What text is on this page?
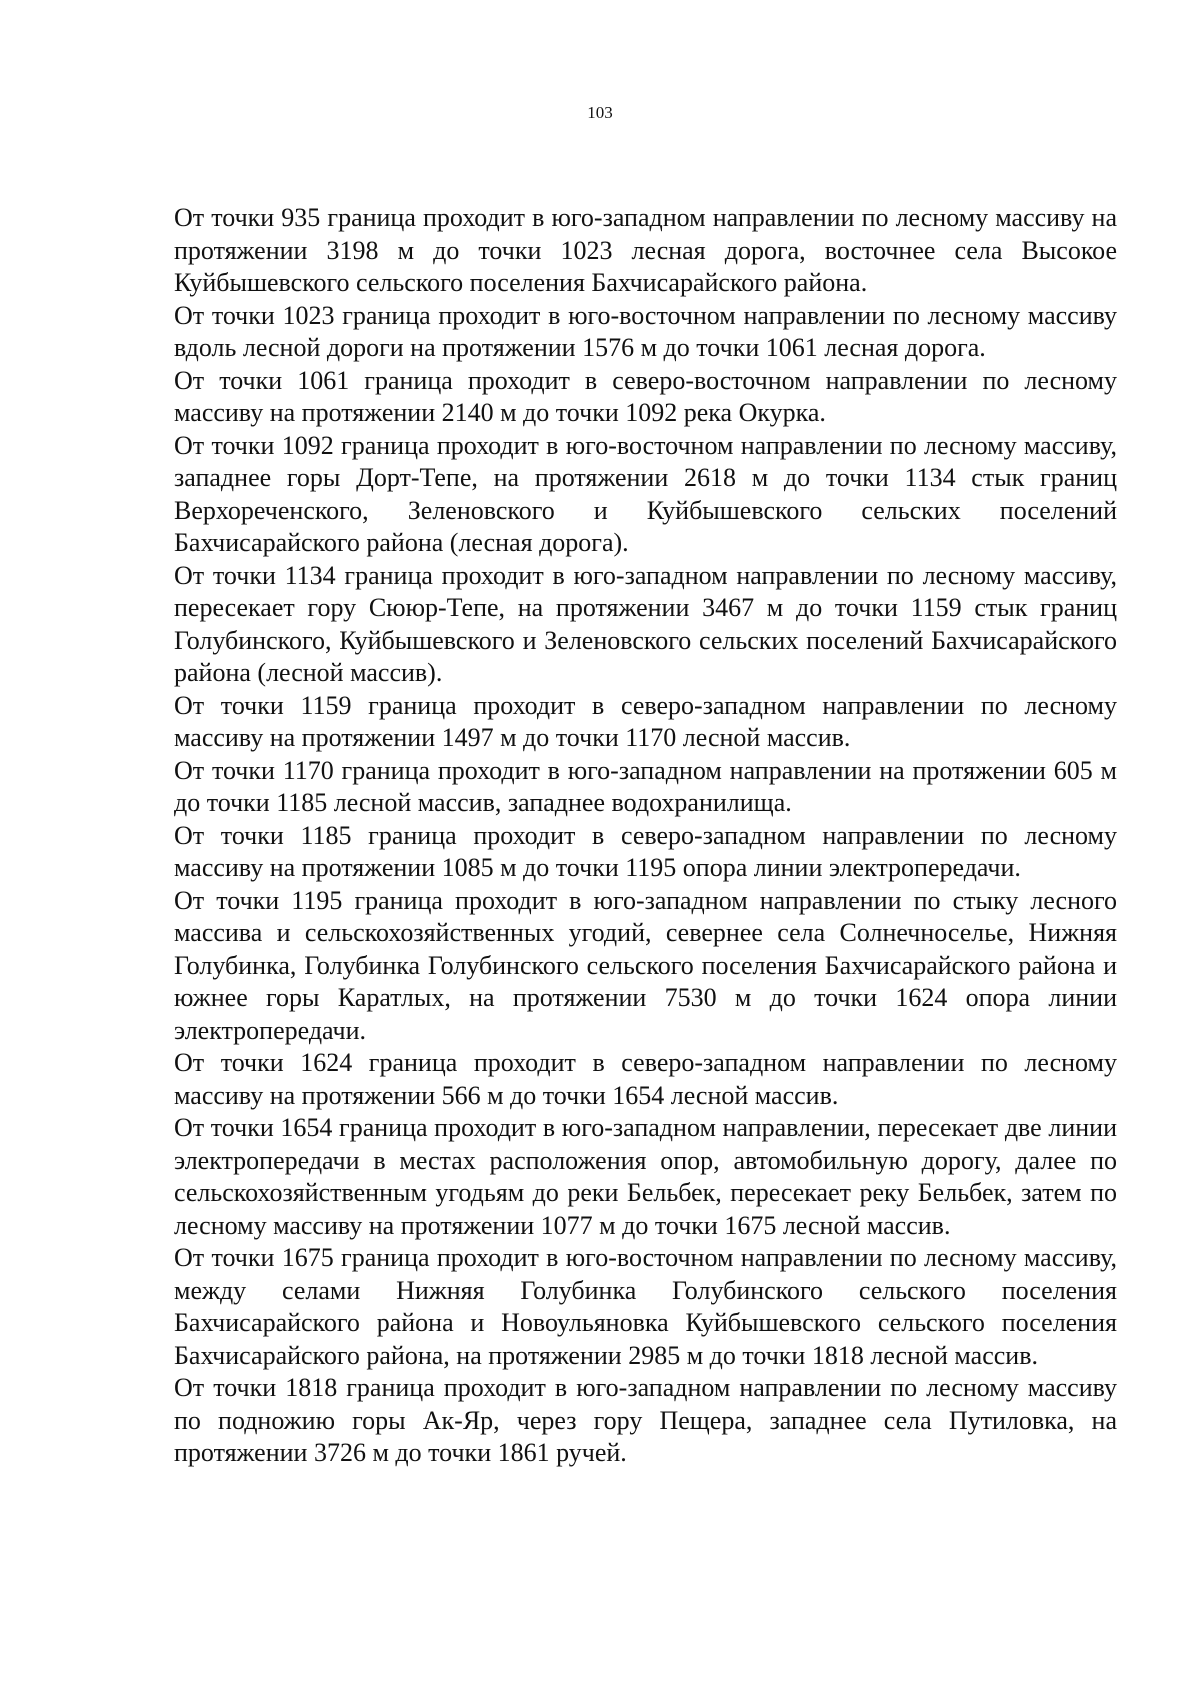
103

От точки 935 граница проходит в юго-западном направлении по лесному массиву на протяжении 3198 м до точки 1023 лесная дорога, восточнее села Высокое Куйбышевского сельского поселения Бахчисарайского района.

От точки 1023 граница проходит в юго-восточном направлении по лесному массиву вдоль лесной дороги на протяжении 1576 м до точки 1061 лесная дорога.

От точки 1061 граница проходит в северо-восточном направлении по лесному массиву на протяжении 2140 м до точки 1092 река Окурка.

От точки 1092 граница проходит в юго-восточном направлении по лесному массиву, западнее горы Дорт-Тепе, на протяжении 2618 м до точки 1134 стык границ Верхореченского, Зеленовского и Куйбышевского сельских поселений Бахчисарайского района (лесная дорога).

От точки 1134 граница проходит в юго-западном направлении по лесному массиву, пересекает гору Сююр-Тепе, на протяжении 3467 м до точки 1159 стык границ Голубинского, Куйбышевского и Зеленовского сельских поселений Бахчисарайского района (лесной массив).

От точки 1159 граница проходит в северо-западном направлении по лесному массиву на протяжении 1497 м до точки 1170 лесной массив.

От точки 1170 граница проходит в юго-западном направлении на протяжении 605 м до точки 1185 лесной массив, западнее водохранилища.

От точки 1185 граница проходит в северо-западном направлении по лесному массиву на протяжении 1085 м до точки 1195 опора линии электропередачи.

От точки 1195 граница проходит в юго-западном направлении по стыку лесного массива и сельскохозяйственных угодий, севернее села Солнечноселье, Нижняя Голубинка, Голубинка Голубинского сельского поселения Бахчисарайского района и южнее горы Каратлых, на протяжении 7530 м до точки 1624 опора линии электропередачи.

От точки 1624 граница проходит в северо-западном направлении по лесному массиву на протяжении 566 м до точки 1654 лесной массив.

От точки 1654 граница проходит в юго-западном направлении, пересекает две линии электропередачи в местах расположения опор, автомобильную дорогу, далее по сельскохозяйственным угодьям до реки Бельбек, пересекает реку Бельбек, затем по лесному массиву на протяжении 1077 м до точки 1675 лесной массив.

От точки 1675 граница проходит в юго-восточном направлении по лесному массиву, между селами Нижняя Голубинка Голубинского сельского поселения Бахчисарайского района и Новоульяновка Куйбышевского сельского поселения Бахчисарайского района, на протяжении 2985 м до точки 1818 лесной массив.

От точки 1818 граница проходит в юго-западном направлении по лесному массиву по подножию горы Ак-Яр, через гору Пещера, западнее села Путиловка, на протяжении 3726 м до точки 1861 ручей.
